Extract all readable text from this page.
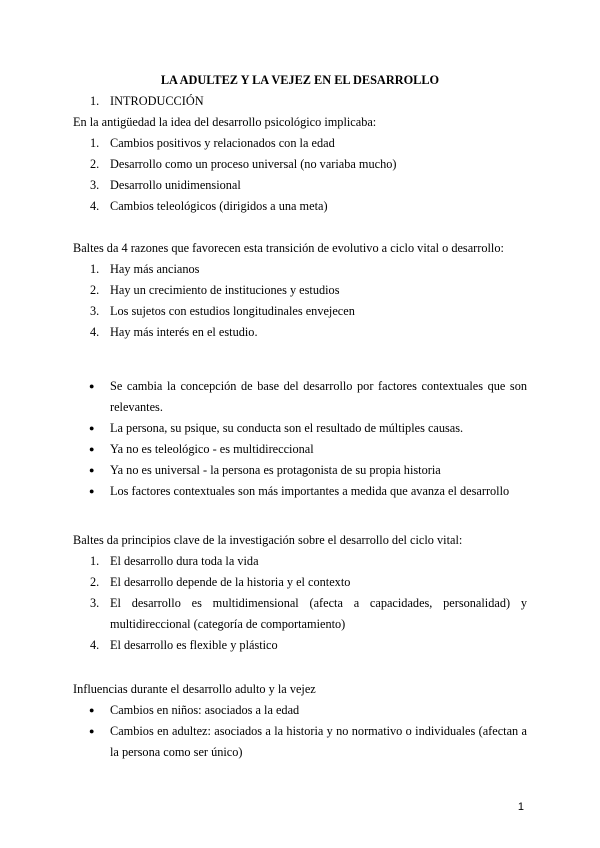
LA ADULTEZ Y LA VEJEZ EN EL DESARROLLO

1. INTRODUCCIÓN

En la antigüedad la idea del desarrollo psicológico implicaba:

1. Cambios positivos y relacionados con la edad
2. Desarrollo como un proceso universal (no variaba mucho)
3. Desarrollo unidimensional
4. Cambios teleológicos (dirigidos a una meta)

Baltes da 4 razones que favorecen esta transición de evolutivo a ciclo vital o desarrollo:

1. Hay más ancianos
2. Hay un crecimiento de instituciones y estudios
3. Los sujetos con estudios longitudinales envejecen
4. Hay más interés en el estudio.
● Se cambia la concepción de base del desarrollo por factores contextuales que son relevantes.
● La persona, su psique, su conducta son el resultado de múltiples causas.
● Ya no es teleológico - es multidireccional
● Ya no es universal - la persona es protagonista de su propia historia
● Los factores contextuales son más importantes a medida que avanza el desarrollo

Baltes da principios clave de la investigación sobre el desarrollo del ciclo vital:

1. El desarrollo dura toda la vida
2. El desarrollo depende de la historia y el contexto
3. El desarrollo es multidimensional (afecta a capacidades, personalidad) y multidireccional (categoría de comportamiento)
4. El desarrollo es flexible y plástico

Influencias durante el desarrollo adulto y la vejez

● Cambios en niños: asociados a la edad
● Cambios en adultez: asociados a la historia y no normativo o individuales (afectan a la persona como ser único)
1
